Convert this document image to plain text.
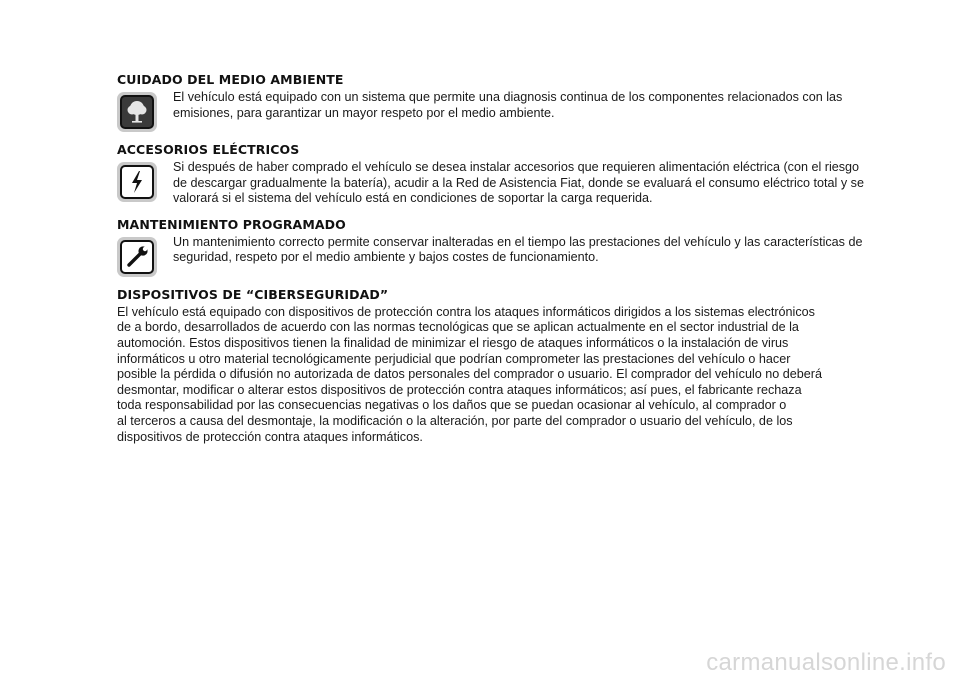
CUIDADO DEL MEDIO AMBIENTE

El vehículo está equipado con un sistema que permite una diagnosis continua de los componentes relacionados con las

emisiones, para garantizar un mayor respeto por el medio ambiente.

ACCESORIOS ELÉCTRICOS

Si después de haber comprado el vehículo se desea instalar accesorios que requieren alimentación eléctrica (con el riesgo

de descargar gradualmente la batería), acudir a la Red de Asistencia Fiat, donde se evaluará el consumo eléctrico total y se

valorará si el sistema del vehículo está en condiciones de soportar la carga requerida.

MANTENIMIENTO PROGRAMADO

Un mantenimiento correcto permite conservar inalteradas en el tiempo las prestaciones del vehículo y las características de

seguridad, respeto por el medio ambiente y bajos costes de funcionamiento.

DISPOSITIVOS DE “CIBERSEGURIDAD”

El vehículo está equipado con dispositivos de protección contra los ataques informáticos dirigidos a los sistemas electrónicos

de a bordo, desarrollados de acuerdo con las normas tecnológicas que se aplican actualmente en el sector industrial de la

automoción. Estos dispositivos tienen la finalidad de minimizar el riesgo de ataques informáticos o la instalación de virus

informáticos u otro material tecnológicamente perjudicial que podrían comprometer las prestaciones del vehículo o hacer

posible la pérdida o difusión no autorizada de datos personales del comprador o usuario. El comprador del vehículo no deberá

desmontar, modificar o alterar estos dispositivos de protección contra ataques informáticos; así pues, el fabricante rechaza

toda responsabilidad por las consecuencias negativas o los daños que se puedan ocasionar al vehículo, al comprador o

al terceros a causa del desmontaje, la modificación o la alteración, por parte del comprador o usuario del vehículo, de los

dispositivos de protección contra ataques informáticos.

carmanualsonline.info
